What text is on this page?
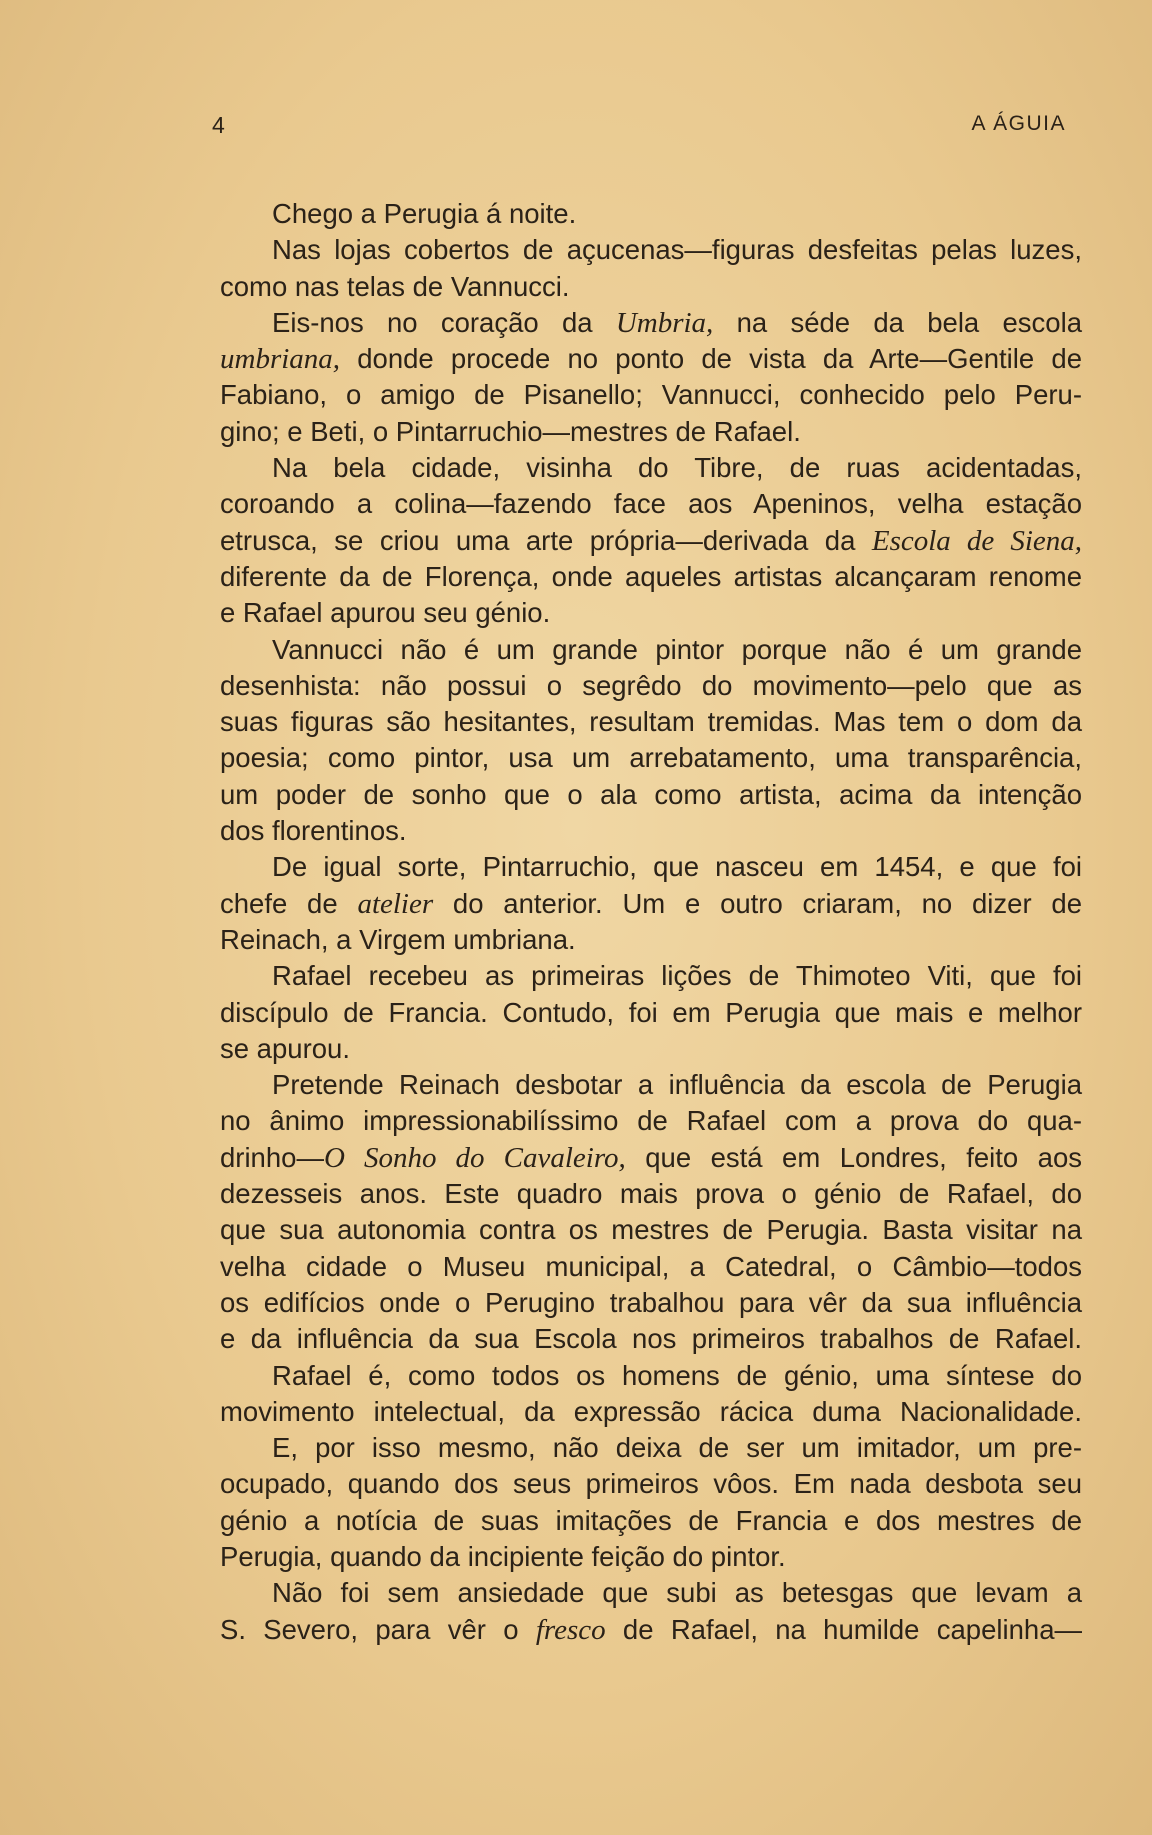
4	A ÁGUIA
Chego a Perugia á noite.
Nas lojas cobertos de açucenas—figuras desfeitas pelas luzes,
como nas telas de Vannucci.
Eis-nos no coração da Umbria, na séde da bela escola
umbriana, donde procede no ponto de vista da Arte—Gentile de
Fabiano, o amigo de Pisanello; Vannucci, conhecido pelo Peru-
gino; e Beti, o Pintarruchio—mestres de Rafael.
Na bela cidade, visinha do Tibre, de ruas acidentadas,
coroando a colina—fazendo face aos Apeninos, velha estação
etrusca, se criou uma arte própria—derivada da Escola de Siena,
diferente da de Florença, onde aqueles artistas alcançaram renome
e Rafael apurou seu génio.
Vannucci não é um grande pintor porque não é um grande
desenhista: não possui o segrêdo do movimento—pelo que as
suas figuras são hesitantes, resultam tremidas. Mas tem o dom da
poesia; como pintor, usa um arrebatamento, uma transparência,
um poder de sonho que o ala como artista, acima da intenção
dos florentinos.
De igual sorte, Pintarruchio, que nasceu em 1454, e que foi
chefe de atelier do anterior. Um e outro criaram, no dizer de
Reinach, a Virgem umbriana.
Rafael recebeu as primeiras lições de Thimoteo Viti, que foi
discípulo de Francia. Contudo, foi em Perugia que mais e melhor
se apurou.
Pretende Reinach desbotar a influência da escola de Perugia
no ânimo impressionabilíssimo de Rafael com a prova do qua-
drinho—O Sonho do Cavaleiro, que está em Londres, feito aos
dezesseis anos. Este quadro mais prova o génio de Rafael, do
que sua autonomia contra os mestres de Perugia. Basta visitar na
velha cidade o Museu municipal, a Catedral, o Câmbio—todos
os edifícios onde o Perugino trabalhou para vêr da sua influência
e da influência da sua Escola nos primeiros trabalhos de Rafael.
Rafael é, como todos os homens de génio, uma síntese do
movimento intelectual, da expressão rácica duma Nacionalidade.
E, por isso mesmo, não deixa de ser um imitador, um pre-
ocupado, quando dos seus primeiros vôos. Em nada desbota seu
génio a notícia de suas imitações de Francia e dos mestres de
Perugia, quando da incipiente feição do pintor.
Não foi sem ansiedade que subi as betesgas que levam a
S. Severo, para vêr o fresco de Rafael, na humilde capelinha—
